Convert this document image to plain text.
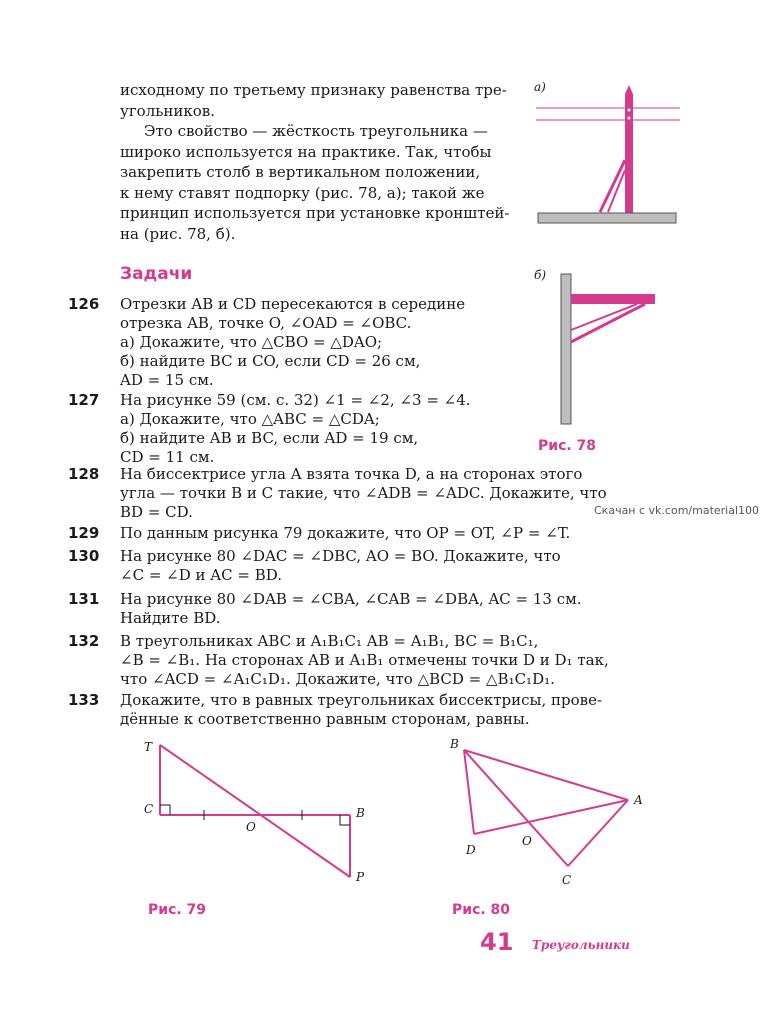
исходному по третьему признаку равенства тре-
угольников.
Это свойство — жёсткость треугольника —
широко используется на практике. Так, чтобы
закрепить столб в вертикальном положении,
к нему ставят подпорку (рис. 78, а); такой же
принцип используется при установке кронштей-
на (рис. 78, б).
а)
б)
Рис. 78
Задачи
126 Отрезки AB и CD пересекаются в середине
отрезка AB, точке O, ∠OAD = ∠OBC.
а) Докажите, что △CBO = △DAO;
б) найдите BC и CO, если CD = 26 см,
AD = 15 см.
127 На рисунке 59 (см. с. 32) ∠1 = ∠2, ∠3 = ∠4.
а) Докажите, что △ABC = △CDA;
б) найдите AB и BC, если AD = 19 см,
CD = 11 см.
128 На биссектрисе угла A взята точка D, а на сторонах этого
угла — точки B и C такие, что ∠ADB = ∠ADC. Докажите, что
BD = CD.	Скачан с vk.com/material100
129 По данным рисунка 79 докажите, что OP = OT, ∠P = ∠T.
130 На рисунке 80 ∠DAC = ∠DBC, AO = BO. Докажите, что
∠C = ∠D и AC = BD.
131 На рисунке 80 ∠DAB = ∠CBA, ∠CAB = ∠DBA, AC = 13 см.
Найдите BD.
132 В треугольниках ABC и A₁B₁C₁ AB = A₁B₁, BC = B₁C₁,
∠B = ∠B₁. На сторонах AB и A₁B₁ отмечены точки D и D₁ так,
что ∠ACD = ∠A₁C₁D₁. Докажите, что △BCD = △B₁C₁D₁.
133 Докажите, что в равных треугольниках биссектрисы, прове-
дённые к соответственно равным сторонам, равны.
T
C
O
B
P
Рис. 79
B
A
D
O
C
Рис. 80
41 Треугольники
